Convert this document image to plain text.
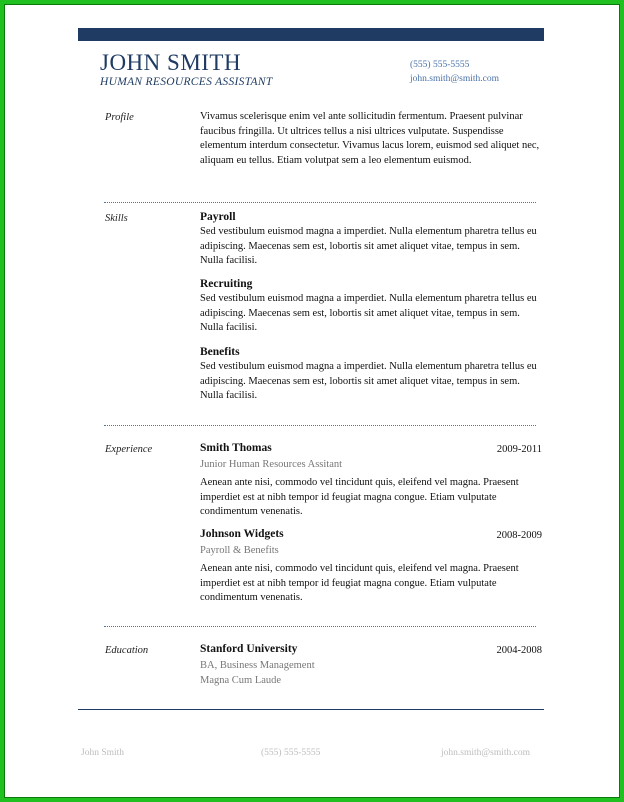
JOHN SMITH
HUMAN RESOURCES ASSISTANT
(555) 555-5555
john.smith@smith.com
Profile	Vivamus scelerisque enim vel ante sollicitudin fermentum. Praesent pulvinar faucibus fringilla. Ut ultrices tellus a nisi ultrices vulputate. Suspendisse elementum interdum consectetur. Vivamus lacus lorem, euismod sed aliquet nec, aliquam eu tellus. Etiam volutpat sem a leo elementum euismod.
Skills	Payroll
Sed vestibulum euismod magna a imperdiet. Nulla elementum pharetra tellus eu adipiscing. Maecenas sem est, lobortis sit amet aliquet vitae, tempus in sem. Nulla facilisi.
Recruiting
Sed vestibulum euismod magna a imperdiet. Nulla elementum pharetra tellus eu adipiscing. Maecenas sem est, lobortis sit amet aliquet vitae, tempus in sem. Nulla facilisi.
Benefits
Sed vestibulum euismod magna a imperdiet. Nulla elementum pharetra tellus eu adipiscing. Maecenas sem est, lobortis sit amet aliquet vitae, tempus in sem. Nulla facilisi.
Experience	Smith Thomas	2009-2011
Junior Human Resources Assitant
Aenean ante nisi, commodo vel tincidunt quis, eleifend vel magna. Praesent imperdiet est at nibh tempor id feugiat magna congue. Etiam vulputate condimentum venenatis.
Johnson Widgets	2008-2009
Payroll & Benefits
Aenean ante nisi, commodo vel tincidunt quis, eleifend vel magna. Praesent imperdiet est at nibh tempor id feugiat magna congue. Etiam vulputate condimentum venenatis.
Education	Stanford University	2004-2008
BA, Business Management
Magna Cum Laude
John Smith	(555) 555-5555	john.smith@smith.com
